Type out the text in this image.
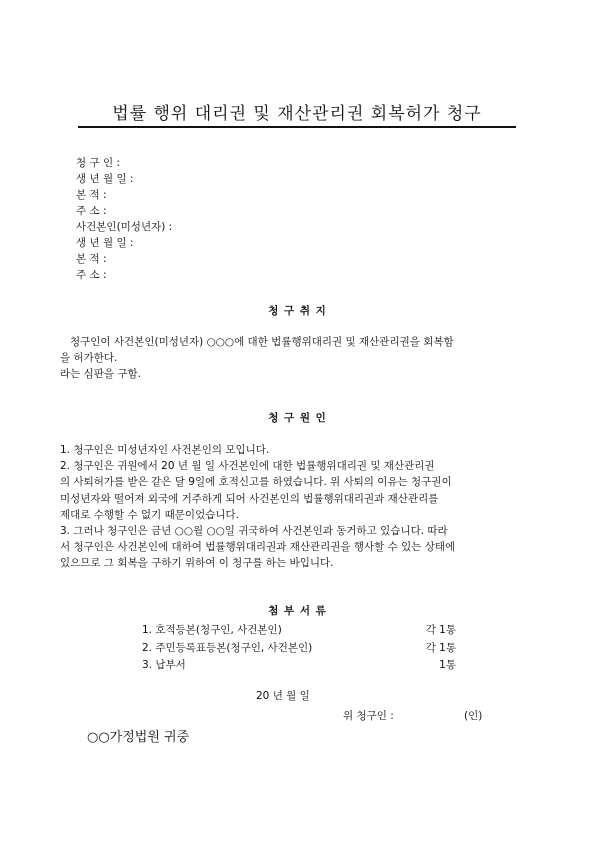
법률 행위 대리권 및 재산관리권 회복허가 청구
청 구 인 :
생 년 월 일 :
본 적 :
주 소 :
사건본인(미성년자) :
생 년 월 일 :
본 적 :
주 소 :
청 구 취 지

청구인이 사건본인(미성년자) ○○○에 대한 법률행위대리권 및 재산관리권을 회복함

을 허가한다.

라는 심판을 구함.

청 구 원 인

1. 청구인은 미성년자인 사건본인의 모입니다.

2. 청구인은 귀원에서 20 년 월 일 사건본인에 대한 법률행위대리권 및 재산관리권

의 사퇴허가를 받은 같은 달 9일에 호적신고를 하였습니다. 위 사퇴의 이유는 청구권이

미성년자와 떨어져 외국에 거주하게 되어 사건본인의 법률행위대리권과 재산관리를

제대로 수행할 수 없기 때문이었습니다.

3. 그러나 청구인은 금년 ○○월 ○○일 귀국하여 사건본인과 동거하고 있습니다. 따라

서 청구인은 사건본인에 대하여 법률행위대리권과 재산관리권을 행사할 수 있는 상태에

있으므로 그 회복을 구하기 위하여 이 청구를 하는 바입니다.

첨 부 서 류
1. 호적등본(청구인, 사건본인)	각 1통
2. 주민등록표등본(청구인, 사건본인)	각 1통
3. 납부서	1통
20 년 월 일
위 청구인 :	(인)
○○가정법원 귀중
